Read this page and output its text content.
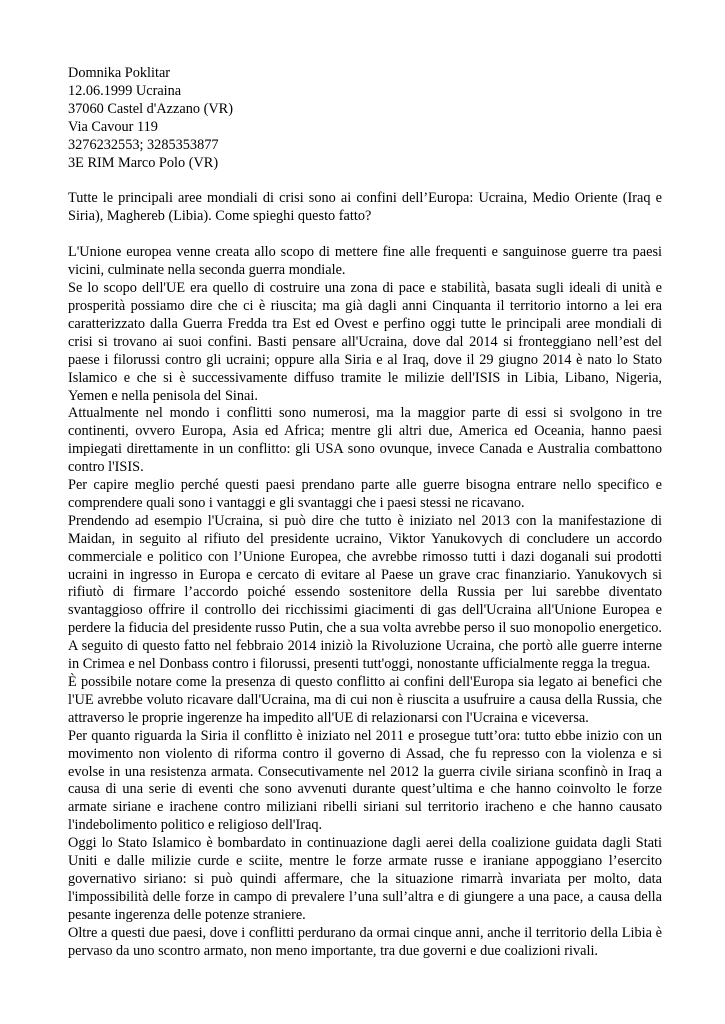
Domnika Poklitar
12.06.1999 Ucraina
37060 Castel d'Azzano (VR)
Via Cavour 119
3276232553; 3285353877
3E RIM Marco Polo (VR)

Tutte le principali aree mondiali di crisi sono ai confini dell’Europa: Ucraina, Medio Oriente (Iraq e Siria), Maghereb (Libia). Come spieghi questo fatto?

L'Unione europea venne creata allo scopo di mettere fine alle frequenti e sanguinose guerre tra paesi vicini, culminate nella seconda guerra mondiale.

Se lo scopo dell'UE era quello di costruire una zona di pace e stabilità, basata sugli ideali di unità e prosperità possiamo dire che ci è riuscita; ma già dagli anni Cinquanta il territorio intorno a lei era caratterizzato dalla Guerra Fredda tra Est ed Ovest e perfino oggi tutte le principali aree mondiali di crisi si trovano ai suoi confini. Basti pensare all'Ucraina, dove dal 2014 si fronteggiano nell’est del paese i filorussi contro gli ucraini; oppure alla Siria e al Iraq, dove il 29 giugno 2014 è nato lo Stato Islamico e che si è successivamente diffuso tramite le milizie dell'ISIS in Libia, Libano, Nigeria, Yemen e nella penisola del Sinai.

Attualmente nel mondo i conflitti sono numerosi, ma la maggior parte di essi si svolgono in tre continenti, ovvero Europa, Asia ed Africa; mentre gli altri due, America ed Oceania, hanno paesi impiegati direttamente in un conflitto: gli USA sono ovunque, invece Canada e Australia combattono contro l'ISIS.

Per capire meglio perché questi paesi prendano parte alle guerre bisogna entrare nello specifico e comprendere quali sono i vantaggi e gli svantaggi che i paesi stessi ne ricavano.

Prendendo ad esempio l'Ucraina, si può dire che tutto è iniziato nel 2013 con la manifestazione di Maidan, in seguito al rifiuto del presidente ucraino, Viktor Yanukovych di concludere un accordo commerciale e politico con l’Unione Europea, che avrebbe rimosso tutti i dazi doganali sui prodotti ucraini in ingresso in Europa e cercato di evitare al Paese un grave crac finanziario. Yanukovych si rifiutò di firmare l’accordo poiché essendo sostenitore della Russia per lui sarebbe diventato svantaggioso offrire il controllo dei ricchissimi giacimenti di gas dell'Ucraina all'Unione Europea e perdere la fiducia del presidente russo Putin, che a sua volta avrebbe perso il suo monopolio energetico. A seguito di questo fatto nel febbraio 2014 iniziò la Rivoluzione Ucraina, che portò alle guerre interne in Crimea e nel Donbass contro i filorussi, presenti tutt'oggi, nonostante ufficialmente regga la tregua.

È possibile notare come la presenza di questo conflitto ai confini dell'Europa sia legato ai benefici che l'UE avrebbe voluto ricavare dall'Ucraina, ma di cui non è riuscita a usufruire a causa della Russia, che attraverso le proprie ingerenze ha impedito all'UE di relazionarsi con l'Ucraina e viceversa.

Per quanto riguarda la Siria il conflitto è iniziato nel 2011 e prosegue tutt’ora: tutto ebbe inizio con un movimento non violento di riforma contro il governo di Assad, che fu represso con la violenza e si evolse in una resistenza armata. Consecutivamente nel 2012 la guerra civile siriana sconfinò in Iraq a causa di una serie di eventi che sono avvenuti durante quest’ultima e che hanno coinvolto le forze armate siriane e irachene contro miliziani ribelli siriani sul territorio iracheno e che hanno causato l'indebolimento politico e religioso dell'Iraq.

Oggi lo Stato Islamico è bombardato in continuazione dagli aerei della coalizione guidata dagli Stati Uniti e dalle milizie curde e sciite, mentre le forze armate russe e iraniane appoggiano l’esercito governativo siriano: si può quindi affermare, che la situazione rimarrà invariata per molto, data l'impossibilità delle forze in campo di prevalere l’una sull’altra e di giungere a una pace, a causa della pesante ingerenza delle potenze straniere.

Oltre a questi due paesi, dove i conflitti perdurano da ormai cinque anni, anche il territorio della Libia è pervaso da uno scontro armato, non meno importante, tra due governi e due coalizioni rivali.
